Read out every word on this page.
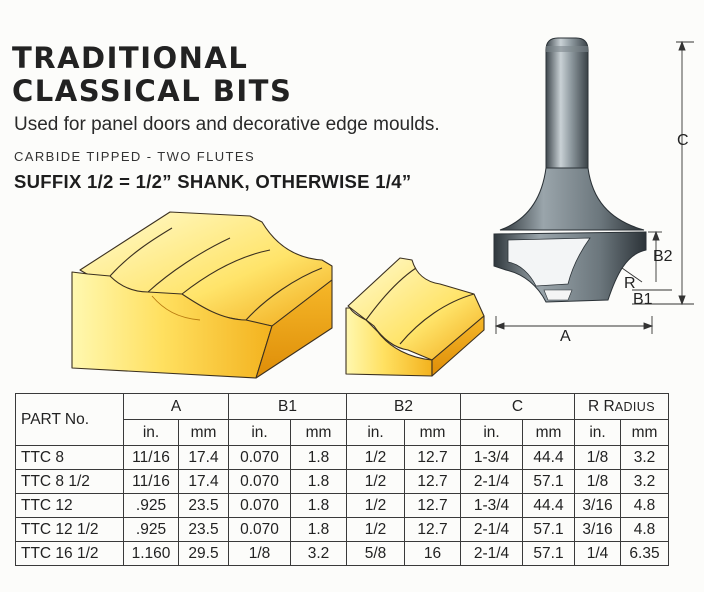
TRADITIONAL
CLASSICAL BITS
Used for panel doors and decorative edge moulds.
CARBIDE TIPPED - TWO FLUTES
SUFFIX 1/2 = 1/2” SHANK, OTHERWISE 1/4”
C
B2
R
B1
A
PART No.	A		B1		B2		C		R RADIUS	
	in.	mm	in.	mm	in.	mm	in.	mm	in.	mm
TTC 8	11/16	17.4	0.070	1.8	1/2	12.7	1-3/4	44.4	1/8	3.2
TTC 8 1/2	11/16	17.4	0.070	1.8	1/2	12.7	2-1/4	57.1	1/8	3.2
TTC 12	.925	23.5	0.070	1.8	1/2	12.7	1-3/4	44.4	3/16	4.8
TTC 12 1/2	.925	23.5	0.070	1.8	1/2	12.7	2-1/4	57.1	3/16	4.8
TTC 16 1/2	1.160	29.5	1/8	3.2	5/8	16	2-1/4	57.1	1/4	6.35
